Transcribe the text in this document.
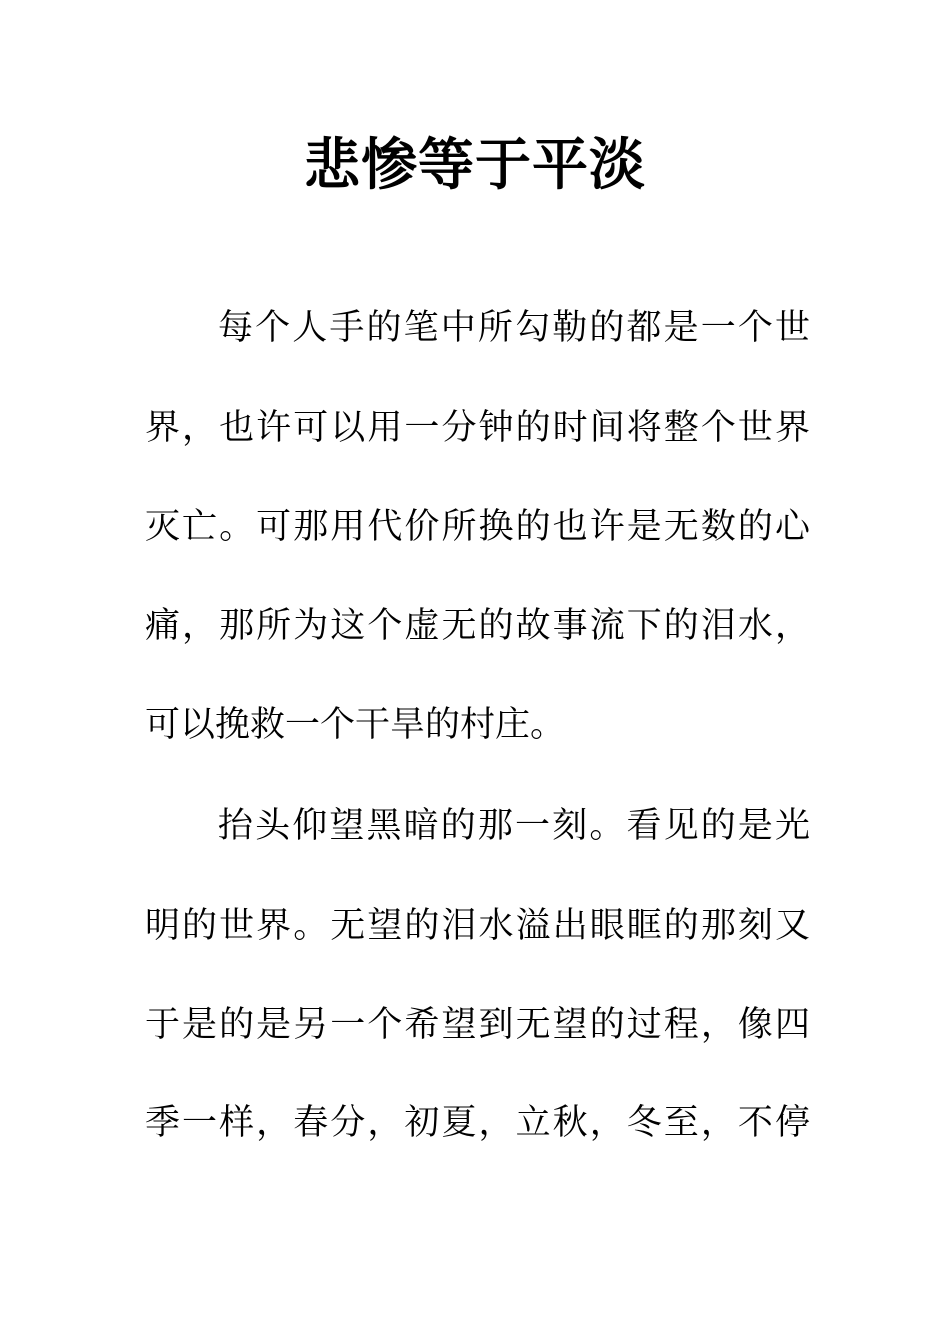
悲惨等于平淡
每个人手的笔中所勾勒的都是一个世
界，也许可以用一分钟的时间将整个世界
灭亡。可那用代价所换的也许是无数的心
痛，那所为这个虚无的故事流下的泪水，
可以挽救一个干旱的村庄。
抬头仰望黑暗的那一刻。看见的是光
明的世界。无望的泪水溢出眼眶的那刻又
于是的是另一个希望到无望的过程，像四
季一样，春分，初夏，立秋，冬至，不停
